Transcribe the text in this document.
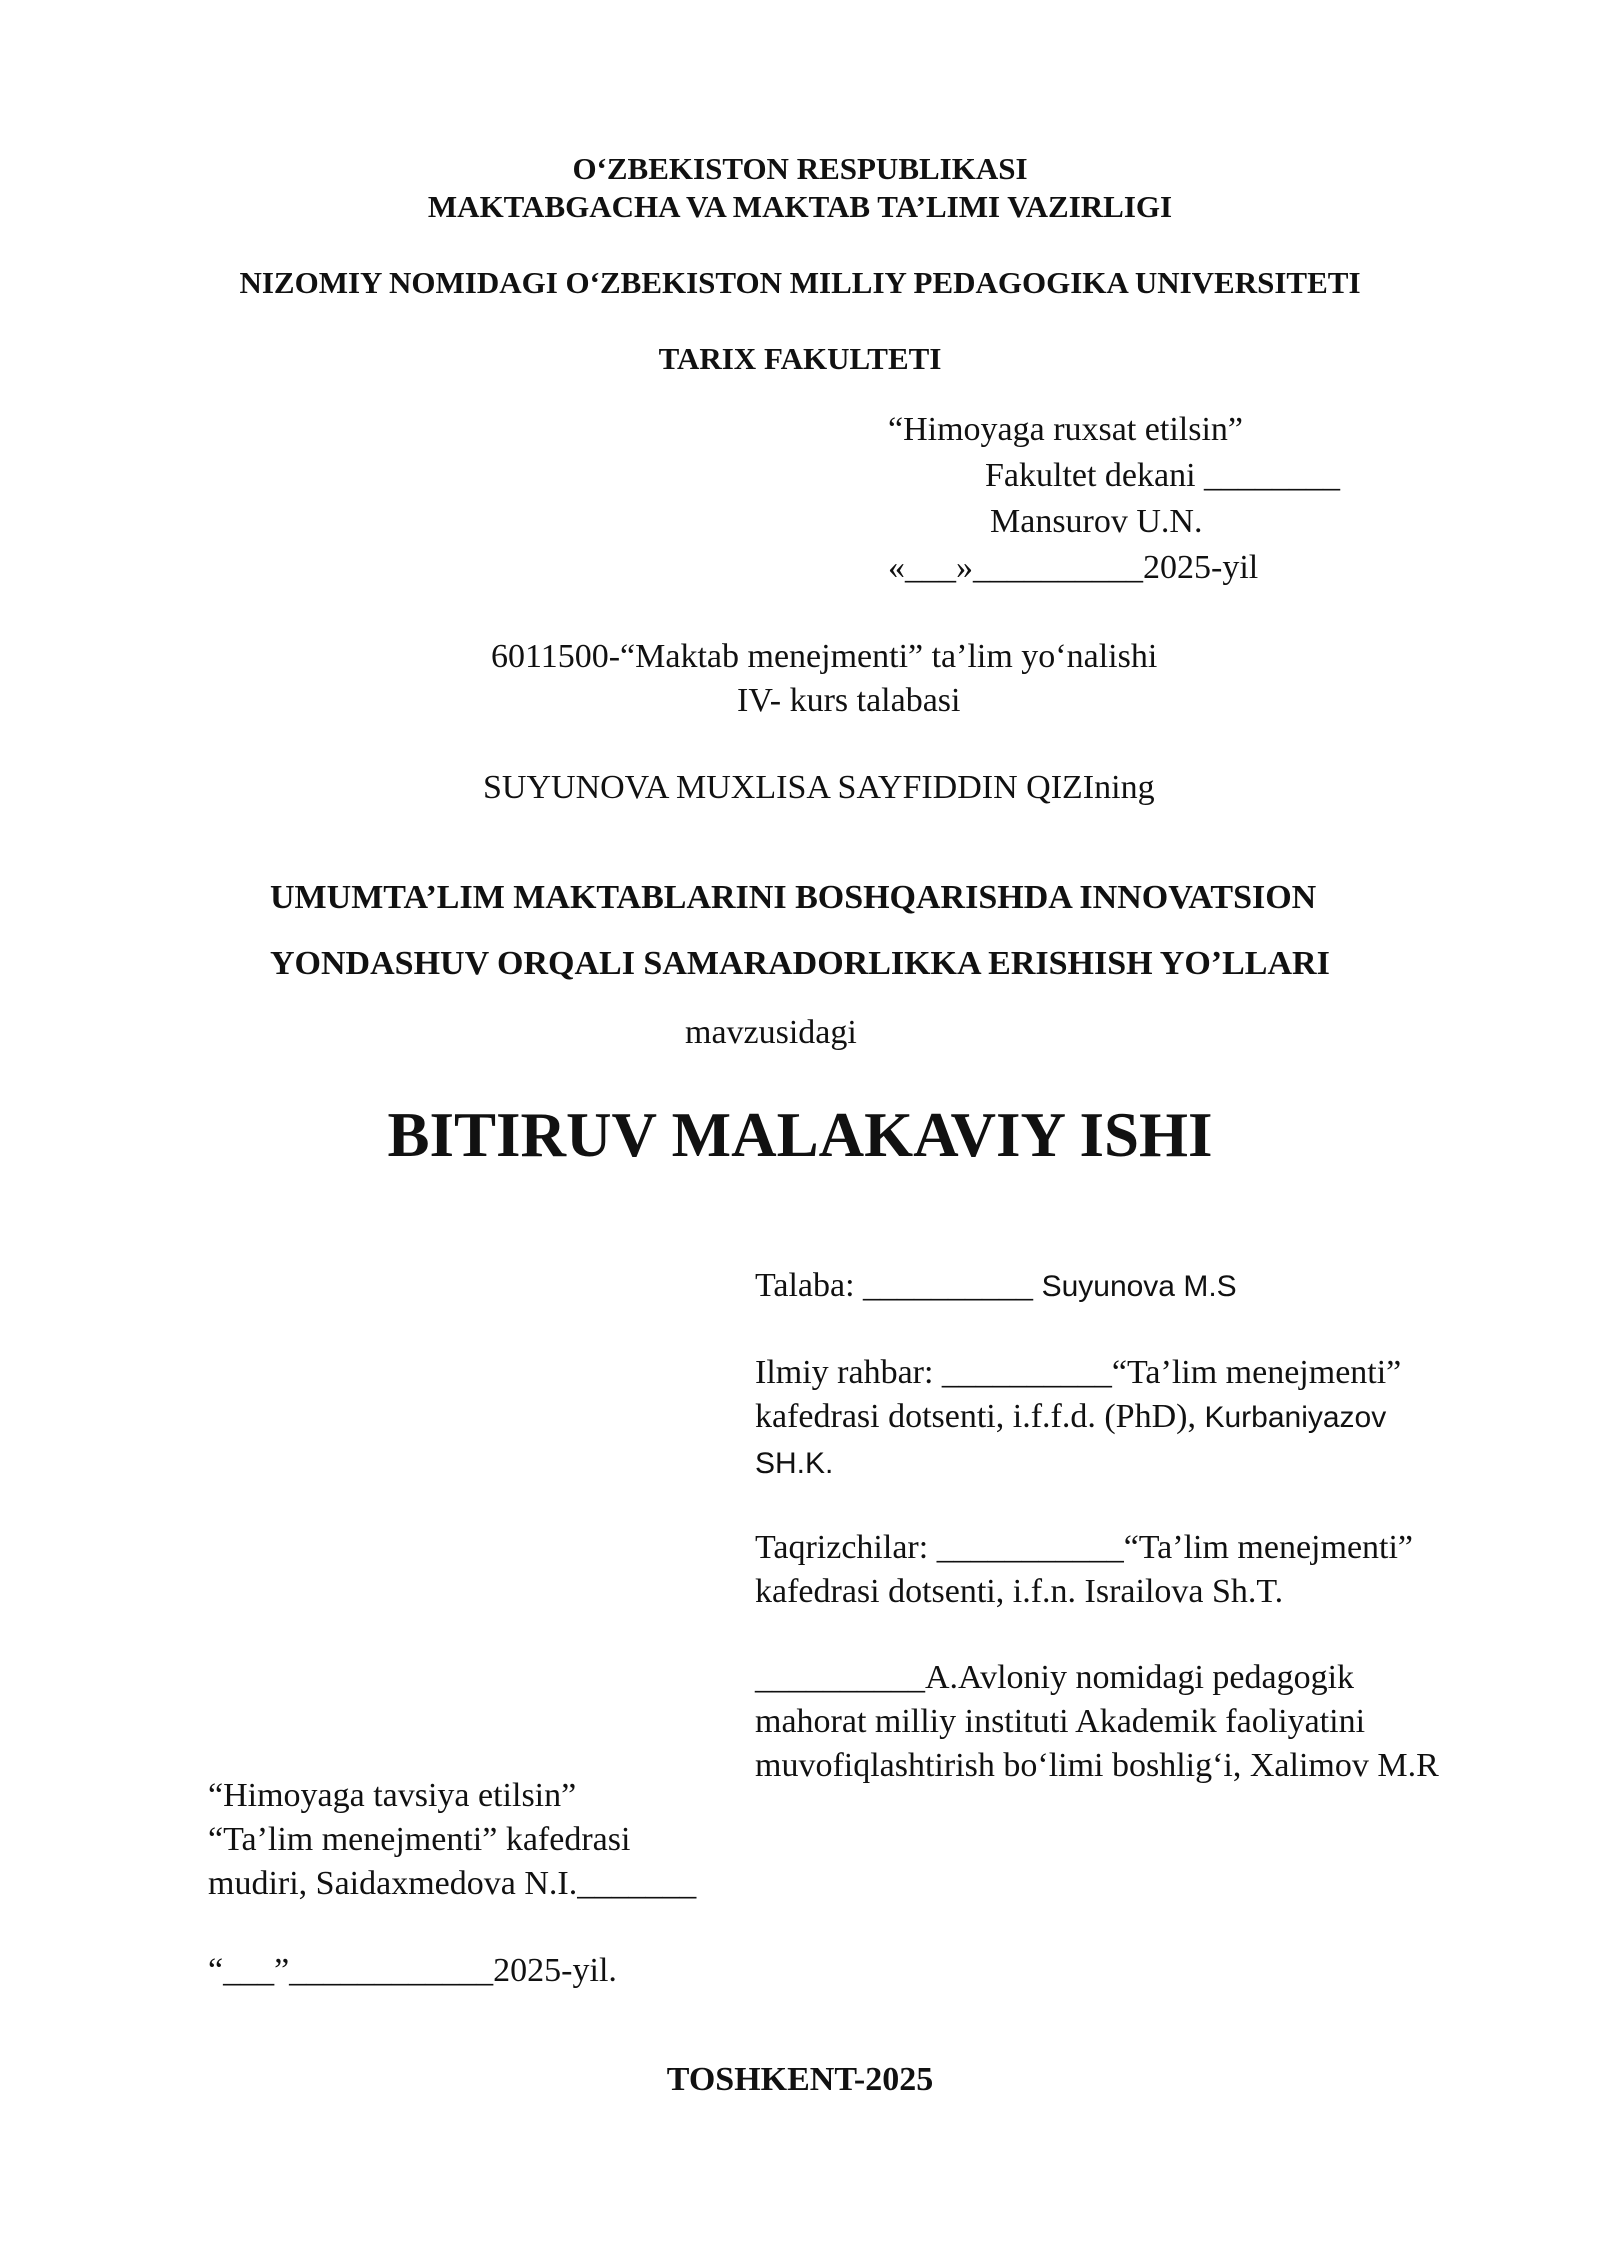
O‘ZBEKISTON RESPUBLIKASI
MAKTABGACHA VA MAKTAB TA’LIMI VAZIRLIGI
NIZOMIY NOMIDAGI O‘ZBEKISTON MILLIY PEDAGOGIKA UNIVERSITETI
TARIX FAKULTETI
“Himoyaga ruxsat etilsin”
Fakultet dekani ________
Mansurov U.N.
«___»__________2025-yil
6011500-“Maktab menejmenti” ta’lim yo‘nalishi
IV- kurs talabasi
SUYUNOVA MUXLISA SAYFIDDIN QIZIning
UMUMTA’LIM MAKTABLARINI BOSHQARISHDA INNOVATSION
YONDASHUV ORQALI SAMARADORLIKKA ERISHISH YO’LLARI
mavzusidagi
BITIRUV MALAKAVIY ISHI
Talaba: __________ Suyunova M.S
Ilmiy rahbar: __________“Ta’lim menejmenti”
kafedrasi dotsenti, i.f.f.d. (PhD), Kurbaniyazov
SH.K.
Taqrizchilar: ___________“Ta’lim menejmenti”
kafedrasi dotsenti, i.f.n. Israilova Sh.T.
__________A.Avloniy nomidagi pedagogik
mahorat milliy instituti Akademik faoliyatini
muvofiqlashtirish bo‘limi boshlig‘i, Xalimov M.R
“Himoyaga tavsiya etilsin”
“Ta’lim menejmenti” kafedrasi
mudiri, Saidaxmedova N.I._______
“___”____________2025-yil.
TOSHKENT-2025
